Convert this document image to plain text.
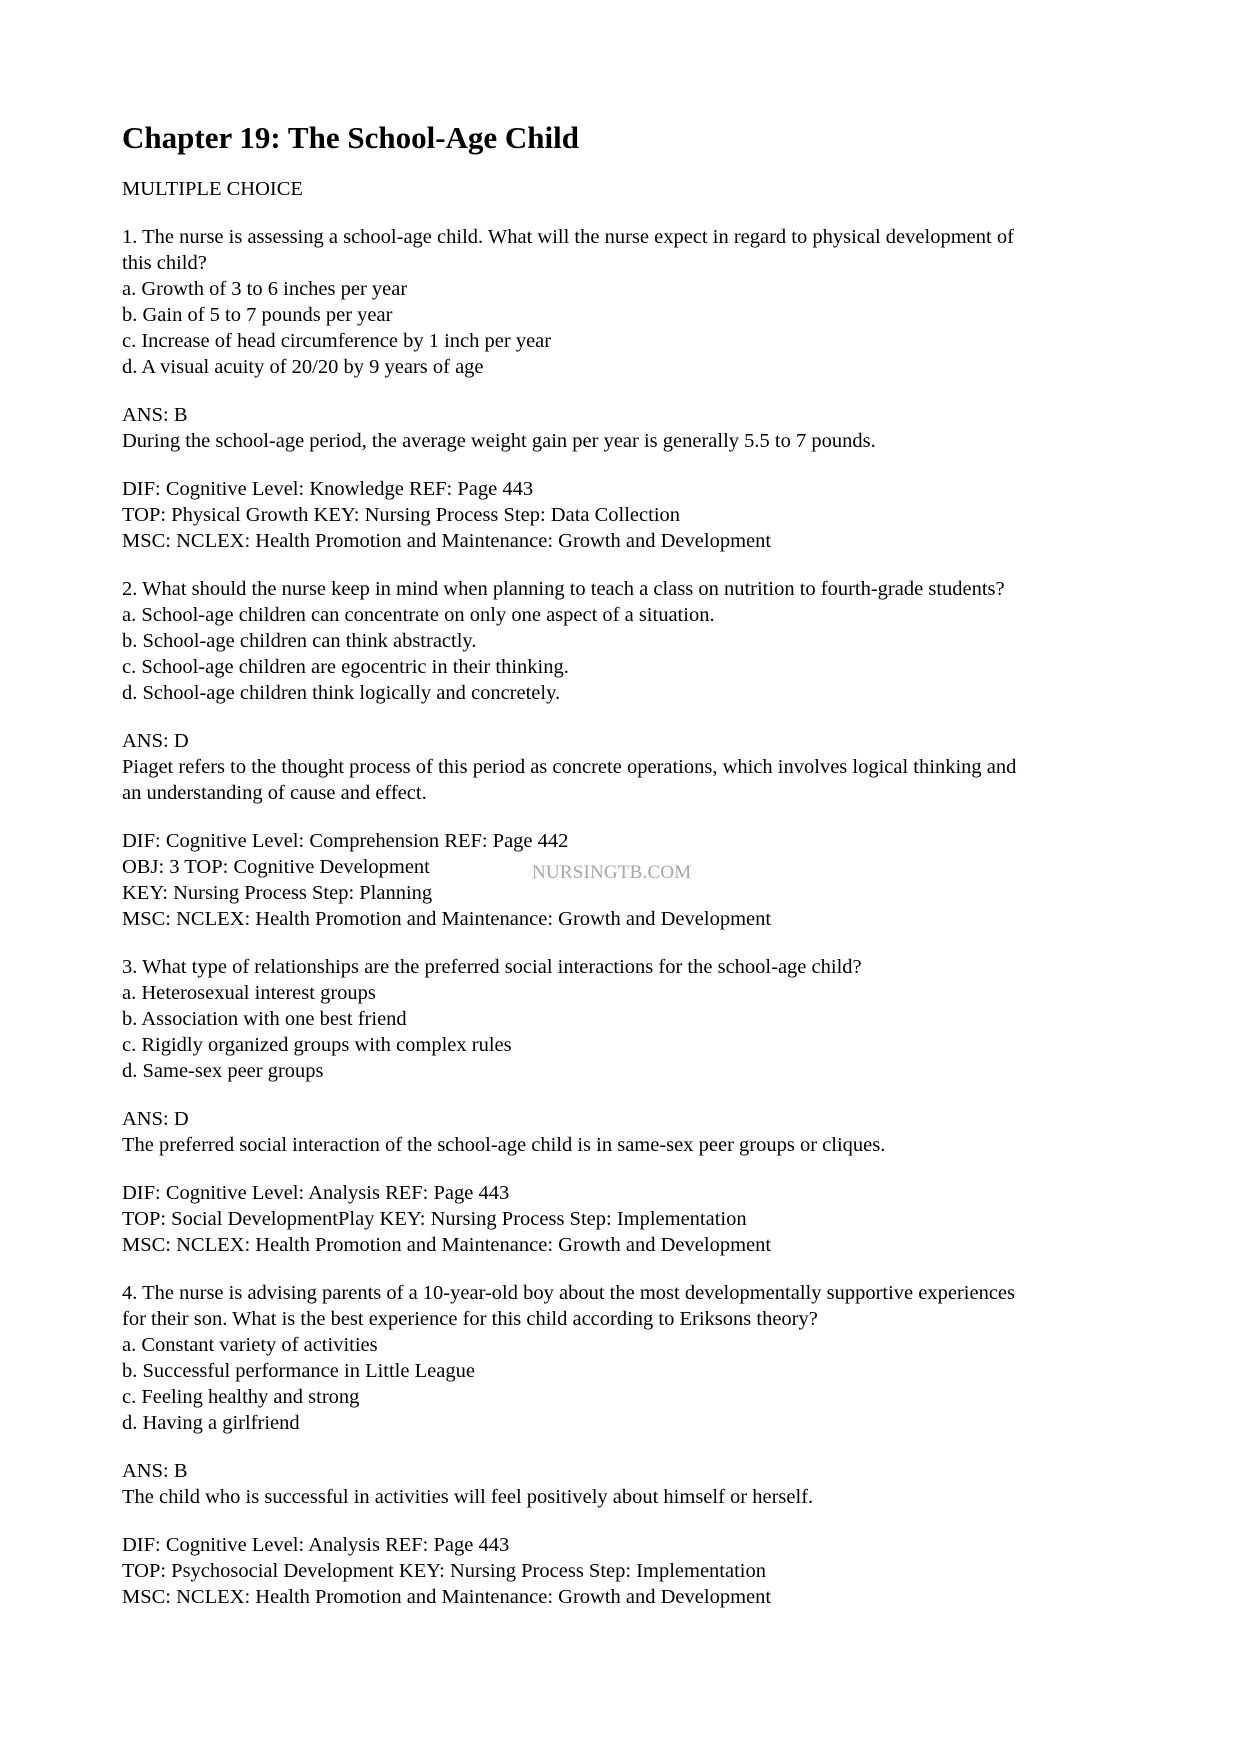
Chapter 19: The School-Age Child
MULTIPLE CHOICE
1. The nurse is assessing a school-age child. What will the nurse expect in regard to physical development of
this child?
a. Growth of 3 to 6 inches per year
b. Gain of 5 to 7 pounds per year
c. Increase of head circumference by 1 inch per year
d. A visual acuity of 20/20 by 9 years of age
ANS: B
During the school-age period, the average weight gain per year is generally 5.5 to 7 pounds.
DIF: Cognitive Level: Knowledge REF: Page 443
TOP: Physical Growth KEY: Nursing Process Step: Data Collection
MSC: NCLEX: Health Promotion and Maintenance: Growth and Development
2. What should the nurse keep in mind when planning to teach a class on nutrition to fourth-grade students?
a. School-age children can concentrate on only one aspect of a situation.
b. School-age children can think abstractly.
c. School-age children are egocentric in their thinking.
d. School-age children think logically and concretely.
ANS: D
Piaget refers to the thought process of this period as concrete operations, which involves logical thinking and
an understanding of cause and effect.
DIF: Cognitive Level: Comprehension REF: Page 442
OBJ: 3 TOP: Cognitive Development
KEY: Nursing Process Step: Planning
MSC: NCLEX: Health Promotion and Maintenance: Growth and Development
3. What type of relationships are the preferred social interactions for the school-age child?
a. Heterosexual interest groups
b. Association with one best friend
c. Rigidly organized groups with complex rules
d. Same-sex peer groups
ANS: D
The preferred social interaction of the school-age child is in same-sex peer groups or cliques.
DIF: Cognitive Level: Analysis REF: Page 443
TOP: Social DevelopmentPlay KEY: Nursing Process Step: Implementation
MSC: NCLEX: Health Promotion and Maintenance: Growth and Development
4. The nurse is advising parents of a 10-year-old boy about the most developmentally supportive experiences
for their son. What is the best experience for this child according to Eriksons theory?
a. Constant variety of activities
b. Successful performance in Little League
c. Feeling healthy and strong
d. Having a girlfriend
ANS: B
The child who is successful in activities will feel positively about himself or herself.
DIF: Cognitive Level: Analysis REF: Page 443
TOP: Psychosocial Development KEY: Nursing Process Step: Implementation
MSC: NCLEX: Health Promotion and Maintenance: Growth and Development
NURSINGTB.COM
